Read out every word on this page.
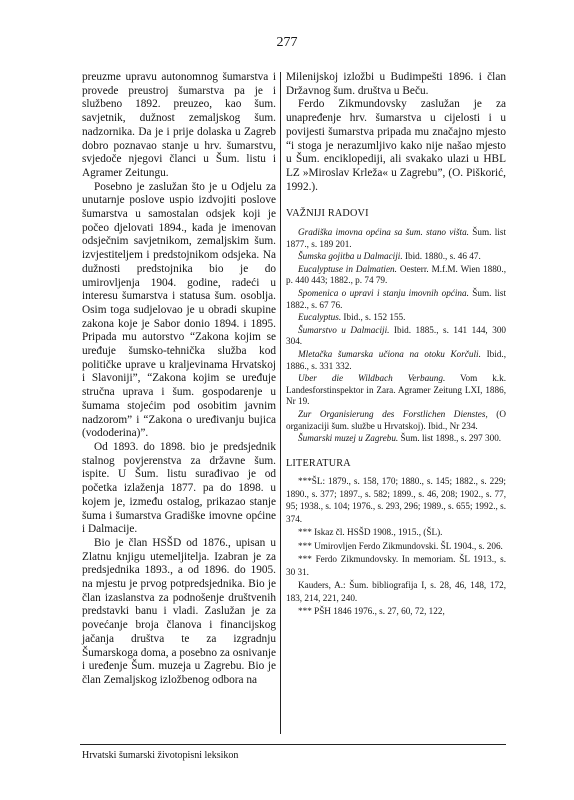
277

preuzme upravu autonomnog šumarstva i provede preustroj šumarstva pa je i službeno 1892. preuzeo, kao šum. savjetnik, dužnost zemaljskog šum. nadzornika. Da je i prije dolaska u Zagreb dobro poznavao stanje u hrv. šumarstvu, svjedoče njegovi članci u Šum. listu i Agramer Zeitungu.

Posebno je zaslužan što je u Odjelu za unutarnje poslove uspio izdvojiti poslove šumarstva u samostalan odsjek koji je počeo djelovati 1894., kada je imenovan odsječnim savjetnikom, zemaljskim šum. izvjestiteljem i predstojnikom odsjeka. Na dužnosti predstojnika bio je do umirovljenja 1904. godine, radeći u interesu šumarstva i statusa šum. osoblja. Osim toga sudjelovao je u obradi skupine zakona koje je Sabor donio 1894. i 1895. Pripada mu autorstvo “Zakona kojim se uređuje šumsko-tehnička služba kod političke uprave u kraljevinama Hrvatskoj i Slavoniji”, “Zakona kojim se uređuje stručna uprava i šum. gospodarenje u šumama stojećim pod osobitim javnim nadzorom” i “Zakona o uređivanju bujica (vododerina)”.

Od 1893. do 1898. bio je predsjednik stalnog povjerenstva za državne šum. ispite. U Šum. listu surađivao je od početka izlaženja 1877. pa do 1898. u kojem je, između ostalog, prikazao stanje šuma i šumarstva Gradiške imovne općine i Dalmacije.

Bio je član HSŠD od 1876., upisan u Zlatnu knjigu utemeljitelja. Izabran je za predsjednika 1893., a od 1896. do 1905. na mjestu je prvog potpredsjednika. Bio je član izaslanstva za podnošenje društvenih predstavki banu i vladi. Zaslužan je za povećanje broja članova i financijskog jačanja društva te za izgradnju Šumarskoga doma, a posebno za osnivanje i uređenje Šum. muzeja u Zagrebu. Bio je član Zemaljskog izložbenog odbora na

Milenijskoj izložbi u Budimpešti 1896. i član Državnog šum. društva u Beču.

Ferdo Zikmundovsky zaslužan je za unapređenje hrv. šumarstva u cijelosti i u povijesti šumarstva pripada mu značajno mjesto “i stoga je nerazumljivo kako nije našao mjesto u Šum. enciklopediji, ali svakako ulazi u HBL LZ »Miroslav Krleža« u Zagrebu”, (O. Piškorić, 1992.).

VAŽNIJI RADOVI

Gradiška imovna općina sa šum. stano višta. Šum. list 1877., s. 189 201.

Šumska gojitba u Dalmaciji. Ibid. 1880., s. 46 47.

Eucalyptuse in Dalmatien. Oesterr. M.f.M. Wien 1880., p. 440 443; 1882., p. 74 79.

Spomenica o upravi i stanju imovnih općina. Šum. list 1882., s. 67 76.

Eucalyptus. Ibid., s. 152 155.

Šumarstvo u Dalmaciji. Ibid. 1885., s. 141 144, 300 304.

Mletačka šumarska učiona na otoku Korčuli. Ibid., 1886., s. 331 332.

Uber die Wildbach Verbaung. Vom k.k. Landesforstinspektor in Zara. Agramer Zeitung LXI, 1886, Nr 19.

Zur Organisierung des Forstlichen Dienstes, (O organizaciji šum. službe u Hrvatskoj). Ibid., Nr 234.

Šumarski muzej u Zagrebu. Šum. list 1898., s. 297 300.

LITERATURA

***ŠL: 1879., s. 158, 170; 1880., s. 145; 1882., s. 229; 1890., s. 377; 1897., s. 582; 1899., s. 46, 208; 1902., s. 77, 95; 1938., s. 104; 1976., s. 293, 296; 1989., s. 655; 1992., s. 374.

*** Iskaz čl. HSŠD 1908., 1915., (ŠL).

*** Umirovljen Ferdo Zikmundovski. ŠL 1904., s. 206.

*** Ferdo Zikmundovsky. In memoriam. ŠL 1913., s. 30 31.

Kauders, A.: Šum. bibliografija I, s. 28, 46, 148, 172, 183, 214, 221, 240.

*** PŠH 1846 1976., s. 27, 60, 72, 122,

Hrvatski šumarski životopisni leksikon
